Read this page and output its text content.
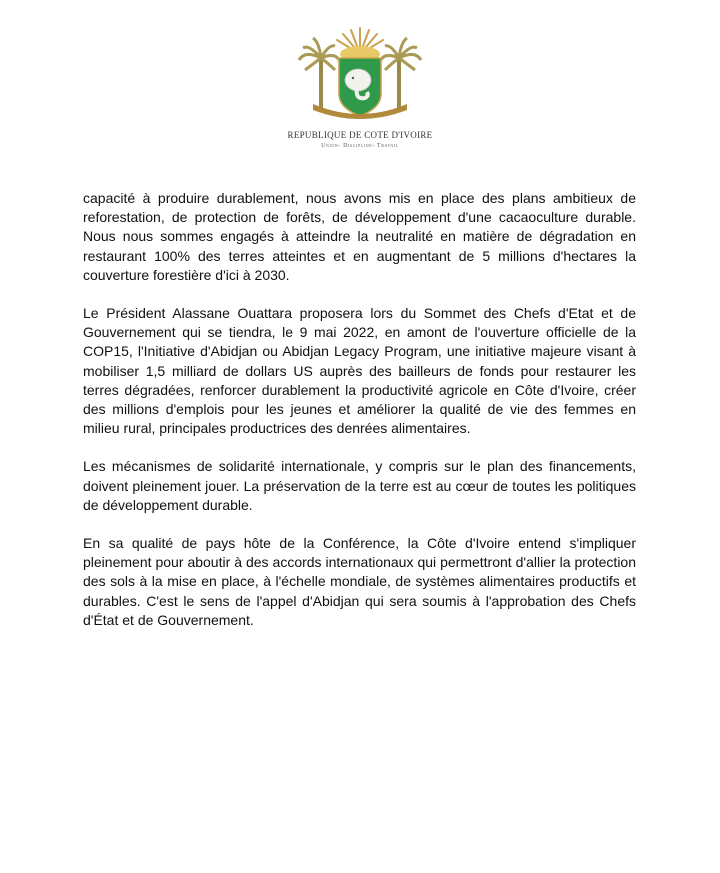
REPUBLIQUE DE COTE D'IVOIRE
Union- Discipline- Travail

capacité à produire durablement, nous avons mis en place des plans ambitieux de reforestation, de protection de forêts, de développement d'une cacaoculture durable. Nous nous sommes engagés à atteindre la neutralité en matière de dégradation en restaurant 100% des terres atteintes et en augmentant de 5 millions d'hectares la couverture forestière d'ici à 2030.

Le Président Alassane Ouattara proposera lors du Sommet des Chefs d'Etat et de Gouvernement qui se tiendra, le 9 mai 2022, en amont de l'ouverture officielle de la COP15, l'Initiative d'Abidjan ou Abidjan Legacy Program, une initiative majeure visant à mobiliser 1,5 milliard de dollars US auprès des bailleurs de fonds pour restaurer les terres dégradées, renforcer durablement la productivité agricole en Côte d'Ivoire, créer des millions d'emplois pour les jeunes et améliorer la qualité de vie des femmes en milieu rural, principales productrices des denrées alimentaires.

Les mécanismes de solidarité internationale, y compris sur le plan des financements, doivent pleinement jouer. La préservation de la terre est au cœur de toutes les politiques de développement durable.

En sa qualité de pays hôte de la Conférence, la Côte d'Ivoire entend s'impliquer pleinement pour aboutir à des accords internationaux qui permettront d'allier la protection des sols à la mise en place, à l'échelle mondiale, de systèmes alimentaires productifs et durables. C'est le sens de l'appel d'Abidjan qui sera soumis à l'approbation des Chefs d'État et de Gouvernement.
